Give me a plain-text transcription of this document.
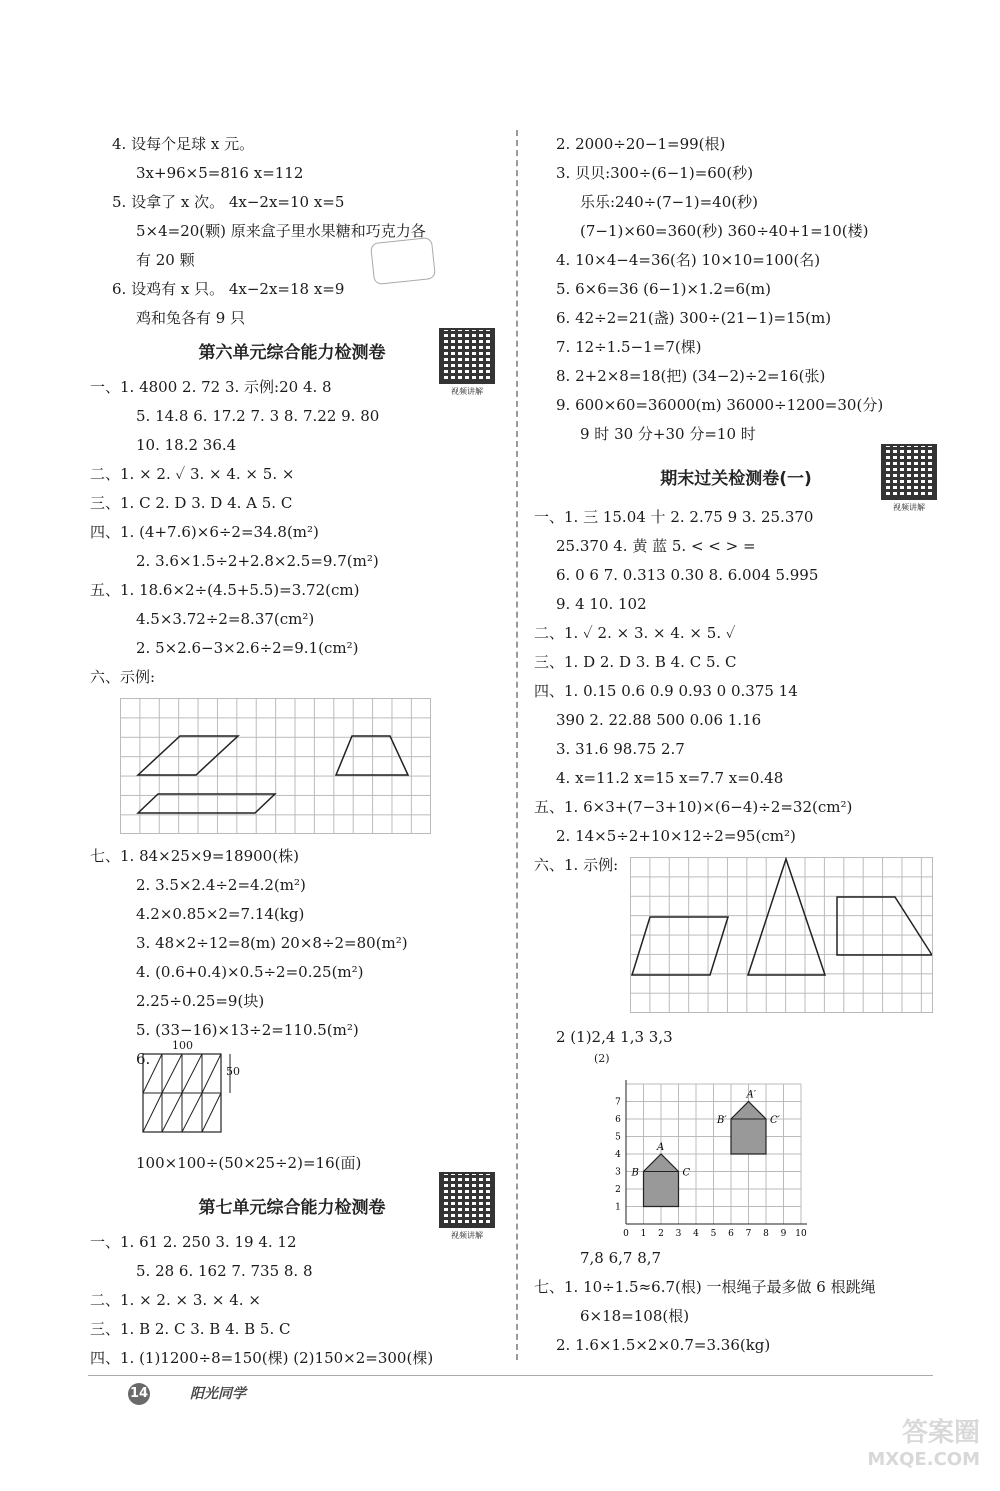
4. 设每个足球 x 元。
3x+96×5=816 x=112
5. 设拿了 x 次。 4x−2x=10 x=5
5×4=20(颗) 原来盒子里水果糖和巧克力各
有 20 颗
6. 设鸡有 x 只。 4x−2x=18 x=9
鸡和兔各有 9 只
第六单元综合能力检测卷
一、1. 4800 2. 72 3. 示例:20 4. 8
5. 14.8 6. 17.2 7. 3 8. 7.22 9. 80
10. 18.2 36.4
二、1. × 2. ✓ 3. × 4. × 5. ×
三、1. C 2. D 3. D 4. A 5. C
四、1. (4+7.6)×6÷2=34.8(m²)
2. 3.6×1.5÷2+2.8×2.5=9.7(m²)
五、1. 18.6×2÷(4.5+5.5)=3.72(cm)
4.5×3.72÷2=8.37(cm²)
2. 5×2.6−3×2.6÷2=9.1(cm²)
六、示例:
七、1. 84×25×9=18900(株)
2. 3.5×2.4÷2=4.2(m²)
4.2×0.85×2=7.14(kg)
3. 48×2÷12=8(m) 20×8÷2=80(m²)
4. (0.6+0.4)×0.5÷2=0.25(m²)
2.25÷0.25=9(块)
5. (33−16)×13÷2=110.5(m²)
6.
100
50
100×100÷(50×25÷2)=16(面)
第七单元综合能力检测卷
一、1. 61 2. 250 3. 19 4. 12
5. 28 6. 162 7. 735 8. 8
二、1. × 2. × 3. × 4. ×
三、1. B 2. C 3. B 4. B 5. C
四、1. (1)1200÷8=150(棵) (2)150×2=300(棵)
视频讲解
视频讲解
2. 2000÷20−1=99(根)
3. 贝贝:300÷(6−1)=60(秒)
乐乐:240÷(7−1)=40(秒)
(7−1)×60=360(秒) 360÷40+1=10(楼)
4. 10×4−4=36(名) 10×10=100(名)
5. 6×6=36 (6−1)×1.2=6(m)
6. 42÷2=21(盏) 300÷(21−1)=15(m)
7. 12÷1.5−1=7(棵)
8. 2+2×8=18(把) (34−2)÷2=16(张)
9. 600×60=36000(m) 36000÷1200=30(分)
9 时 30 分+30 分=10 时
期末过关检测卷(一)
一、1. 三 15.04 十 2. 2.75 9 3. 25.370
25.370 4. 黄 蓝 5. < < > =
6. 0 6 7. 0.313 0.30 8. 6.004 5.995
9. 4 10. 102
二、1. ✓ 2. × 3. × 4. × 5. ✓
三、1. D 2. D 3. B 4. C 5. C
四、1. 0.15 0.6 0.9 0.93 0 0.375 14
390 2. 22.88 500 0.06 1.16
3. 31.6 98.75 2.7
4. x=11.2 x=15 x=7.7 x=0.48
五、1. 6×3+(7−3+10)×(6−4)÷2=32(cm²)
2. 14×5÷2+10×12÷2=95(cm²)
六、1. 示例:
2 (1)2,4 1,3 3,3
(2)
0 1 2 3 4 5 6 7 8 9 10
7
6
5
4
3
2
1
A
B	C
A′
B′	C′
7,8 6,7 8,7
七、1. 10÷1.5≈6.7(根) 一根绳子最多做 6 根跳绳
6×18=108(根)
2. 1.6×1.5×2×0.7=3.36(kg)
视频讲解
14	阳光同学
答案圈
MXQE.COM
